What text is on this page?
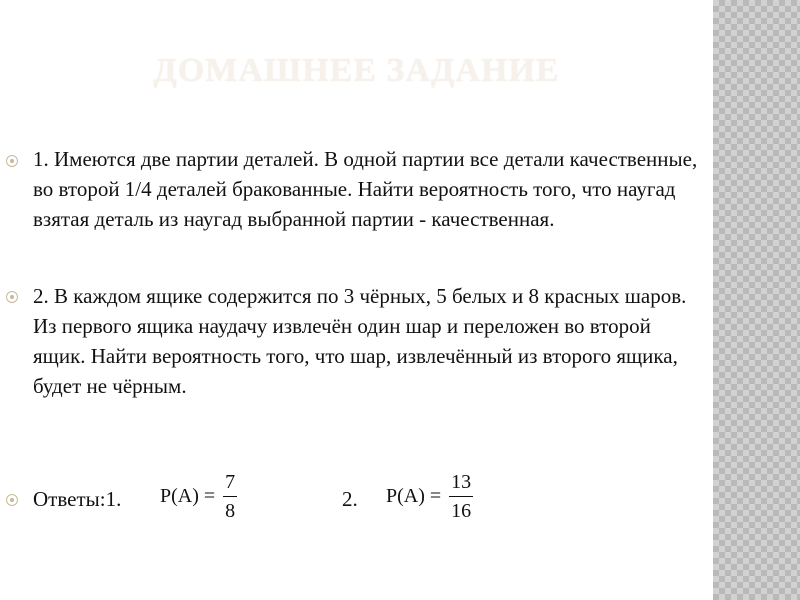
ДОМАШНЕЕ ЗАДАНИЕ
1. Имеются две партии деталей. В одной партии все детали качественные, во второй 1/4 деталей бракованные. Найти вероятность того, что наугад взятая деталь из наугад выбранной партии - качественная.
2. В каждом ящике содержится по 3 чёрных, 5 белых и 8 красных шаров. Из первого ящика наудачу извлечён один шар и переложен во второй ящик. Найти вероятность того, что шар, извлечённый из второго ящика, будет не чёрным.
Ответы:1. $P(A) = \frac{7}{8}$	2. $P(A) = \frac{13}{16}$
